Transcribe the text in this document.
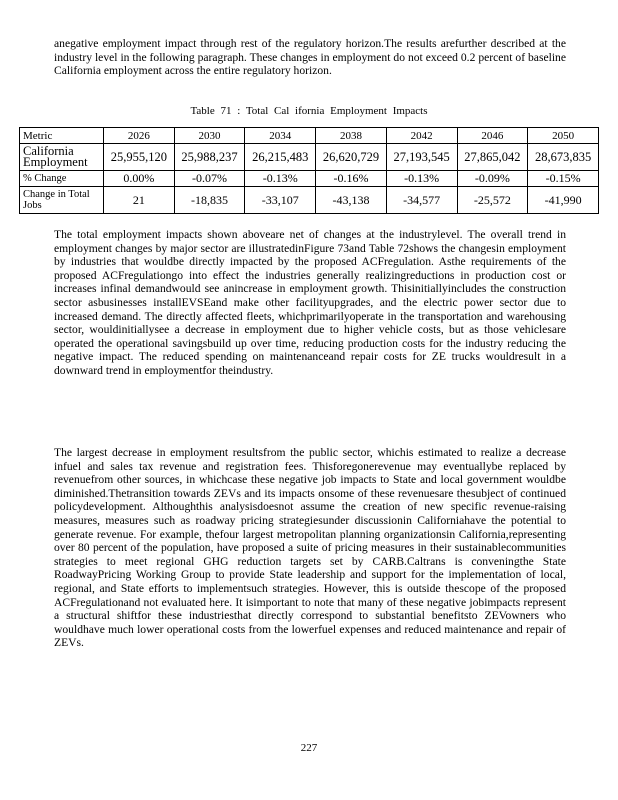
anegative employment impact through rest of the regulatory horizon.The results arefurther described at the industry level in the following paragraph. These changes in employment do not exceed 0.2 percent of baseline California employment across the entire regulatory horizon.

Table 71 : Total Cal ifornia Employment Impacts
Metric	2026	2030	2034	2038	2042	2046	2050
California Employment	25,955,120	25,988,237	26,215,483	26,620,729	27,193,545	27,865,042	28,673,835
% Change	0.00%	-0.07%	-0.13%	-0.16%	-0.13%	-0.09%	-0.15%
Change in Total Jobs	21	-18,835	-33,107	-43,138	-34,577	-25,572	-41,990

The total employment impacts shown aboveare net of changes at the industrylevel. The overall trend in employment changes by major sector are illustratedinFigure 73and Table 72shows the changesin employment by industries that wouldbe directly impacted by the proposed ACFregulation. Asthe requirements of the proposed ACFregulationgo into effect the industries generally realizingreductions in production cost or increases infinal demandwould see anincrease in employment growth. Thisinitiallyincludes the construction sector asbusinesses installEVSEand make other facilityupgrades, and the electric power sector due to increased demand. The directly affected fleets, whichprimarilyoperate in the transportation and warehousing sector, wouldinitiallysee a decrease in employment due to higher vehicle costs, but as those vehiclesare operated the operational savingsbuild up over time, reducing production costs for the industry reducing the negative impact. The reduced spending on maintenanceand repair costs for ZE trucks wouldresult in a downward trend in employmentfor theindustry.

The largest decrease in employment resultsfrom the public sector, whichis estimated to realize a decrease infuel and sales tax revenue and registration fees. Thisforegonerevenue may eventuallybe replaced by revenuefrom other sources, in whichcase these negative job impacts to State and local government wouldbe diminished.Thetransition towards ZEVs and its impacts onsome of these revenuesare thesubject of continued policydevelopment. Althoughthis analysisdoesnot assume the creation of new specific revenue-raising measures, measures such as roadway pricing strategiesunder discussionin Californiahave the potential to generate revenue. For example, thefour largest metropolitan planning organizationsin California,representing over 80 percent of the population, have proposed a suite of pricing measures in their sustainablecommunities strategies to meet regional GHG reduction targets set by CARB.Caltrans is conveningthe State RoadwayPricing Working Group to provide State leadership and support for the implementation of local, regional, and State efforts to implementsuch strategies. However, this is outside thescope of the proposed ACFregulationand not evaluated here. It isimportant to note that many of these negative jobimpacts represent a structural shiftfor these industriesthat directly correspond to substantial benefitsto ZEVowners who wouldhave much lower operational costs from the lowerfuel expenses and reduced maintenance and repair of ZEVs.

227
